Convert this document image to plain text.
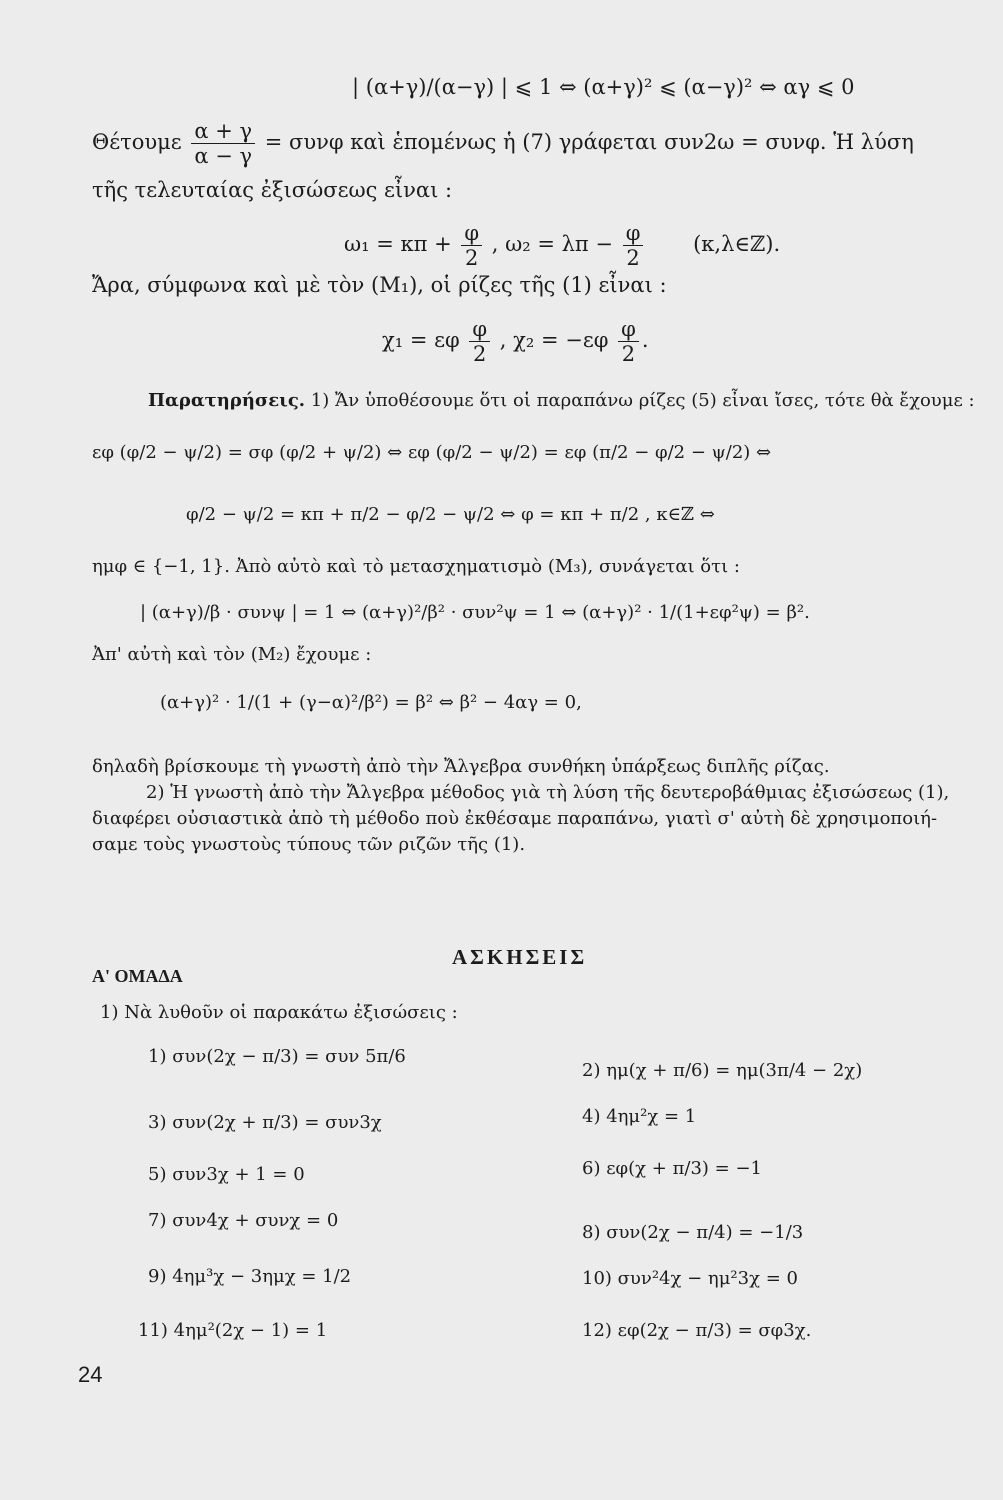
| (α+γ)/(α−γ) | ⩽ 1 ⇔ (α+γ)² ⩽ (α−γ)² ⇔ αγ ⩽ 0
Θέτουμε $\frac{\alpha + \gamma}{\alpha - \gamma} = \sigma\upsilon\nu\varphi$ καὶ ἑπομένως ἡ (7) γράφεται συν2ω = συνφ. Ἡ λύση
τῆς τελευταίας ἐξισώσεως εἶναι :
$\omega_1 = \kappa\pi + \frac{\varphi}{2}$ , $\omega_2 = \lambda\pi - \frac{\varphi}{2}$ (κ,λ∈ℤ).
Ἄρα, σύμφωνα καὶ μὲ τὸν (Μ₁), οἱ ρίζες τῆς (1) εἶναι :
χ₁ = εφ $\frac{\varphi}{2}$ , $\chi_2 = -\varepsilon\varphi \frac{\varphi}{2}$ .
Παρατηρήσεις. 1) Ἄν ὑποθέσουμε ὅτι οἱ παραπάνω ρίζες (5) εἶναι ἴσες, τότε θὰ ἔχουμε :
εφ (φ/2 − ψ/2) = σφ (φ/2 + ψ/2) ⇔ εφ (φ/2 − ψ/2) = εφ (π/2 − φ/2 − ψ/2) ⇔
φ/2 − ψ/2 = κπ + π/2 − φ/2 − ψ/2 ⇔ φ = κπ + π/2 , κ∈ℤ ⇔
ημφ ∈ {−1, 1}. Ἀπὸ αὐτὸ καὶ τὸ μετασχηματισμὸ (Μ₃), συνάγεται ὅτι :
| (α+γ)/β · συνψ | = 1 ⇔ (α+γ)²/β² · συν²ψ = 1 ⇔ (α+γ)² · 1/(1+εφ²ψ) = β².
Ἀπ' αὐτὴ καὶ τὸν (Μ₂) ἔχουμε :
(α+γ)² · 1/(1 + (γ−α)²/β²) = β² ⇔ β² − 4αγ = 0,
δηλαδὴ βρίσκουμε τὴ γνωστὴ ἀπὸ τὴν Ἄλγεβρα συνθήκη ὑπάρξεως διπλῆς ρίζας.
2) Ἡ γνωστὴ ἀπὸ τὴν Ἄλγεβρα μέθοδος γιὰ τὴ λύση τῆς δευτεροβάθμιας ἐξισώσεως (1),
διαφέρει οὐσιαστικὰ ἀπὸ τὴ μέθοδο ποὺ ἐκθέσαμε παραπάνω, γιατὶ σ' αὐτὴ δὲ χρησιμοποιή-
σαμε τοὺς γνωστοὺς τύπους τῶν ριζῶν τῆς (1).
ΑΣΚΗΣΕΙΣ
Α' ΟΜΑΔΑ
1) Νὰ λυθοῦν οἱ παρακάτω ἐξισώσεις :
1) συν(2χ − π/3) = συν 5π/6
3) συν(2χ + π/3) = συν3χ
5) συν3χ + 1 = 0
7) συν4χ + συνχ = 0
9) 4ημ³χ − 3ημχ = 1/2
11) 4ημ²(2χ − 1) = 1
2) ημ(χ + π/6) = ημ(3π/4 − 2χ)
4) 4ημ²χ = 1
6) εφ(χ + π/3) = −1
8) συν(2χ − π/4) = −1/3
10) συν²4χ − ημ²3χ = 0
12) εφ(2χ − π/3) = σφ3χ.
24
